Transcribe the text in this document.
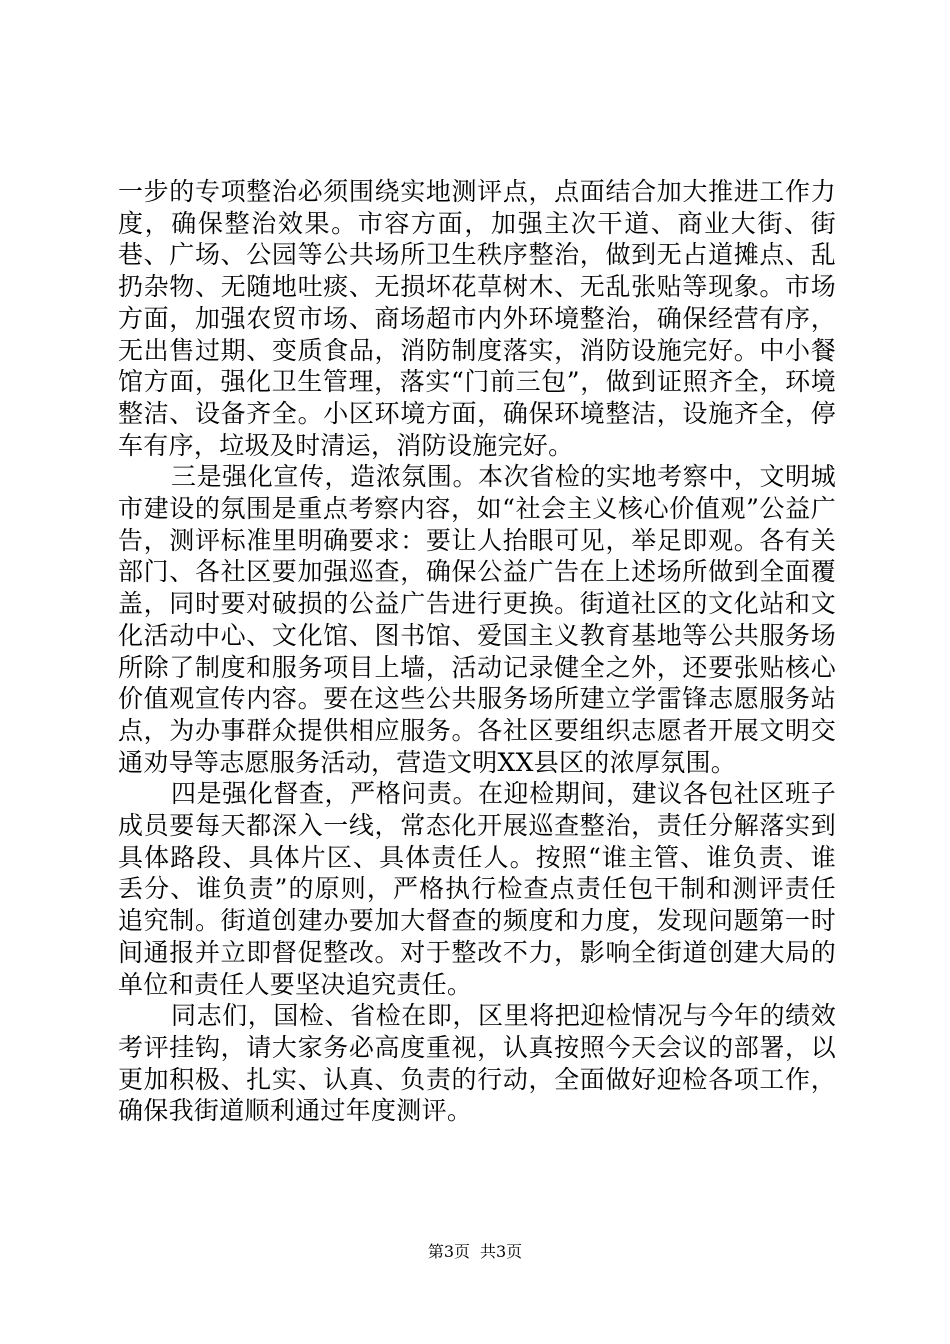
一步的专项整治必须围绕实地测评点，点面结合加大推进工作力度，确保整治效果。市容方面，加强主次干道、商业大街、街巷、广场、公园等公共场所卫生秩序整治，做到无占道摊点、乱扔杂物、无随地吐痰、无损坏花草树木、无乱张贴等现象。市场方面，加强农贸市场、商场超市内外环境整治，确保经营有序，无出售过期、变质食品，消防制度落实，消防设施完好。中小餐馆方面，强化卫生管理，落实“门前三包”，做到证照齐全，环境整洁、设备齐全。小区环境方面，确保环境整洁，设施齐全，停车有序，垃圾及时清运，消防设施完好。

三是强化宣传，造浓氛围。本次省检的实地考察中，文明城市建设的氛围是重点考察内容，如“社会主义核心价值观”公益广告，测评标准里明确要求：要让人抬眼可见，举足即观。各有关部门、各社区要加强巡查，确保公益广告在上述场所做到全面覆盖，同时要对破损的公益广告进行更换。街道社区的文化站和文化活动中心、文化馆、图书馆、爱国主义教育基地等公共服务场所除了制度和服务项目上墙，活动记录健全之外，还要张贴核心价值观宣传内容。要在这些公共服务场所建立学雷锋志愿服务站点，为办事群众提供相应服务。各社区要组织志愿者开展文明交通劝导等志愿服务活动，营造文明XX县区的浓厚氛围。

四是强化督查，严格问责。在迎检期间，建议各包社区班子成员要每天都深入一线，常态化开展巡查整治，责任分解落实到具体路段、具体片区、具体责任人。按照“谁主管、谁负责、谁丢分、谁负责”的原则，严格执行检查点责任包干制和测评责任追究制。街道创建办要加大督查的频度和力度，发现问题第一时间通报并立即督促整改。对于整改不力，影响全街道创建大局的单位和责任人要坚决追究责任。

同志们，国检、省检在即，区里将把迎检情况与今年的绩效考评挂钩，请大家务必高度重视，认真按照今天会议的部署，以更加积极、扎实、认真、负责的行动，全面做好迎检各项工作，确保我街道顺利通过年度测评。

第3页 共3页
